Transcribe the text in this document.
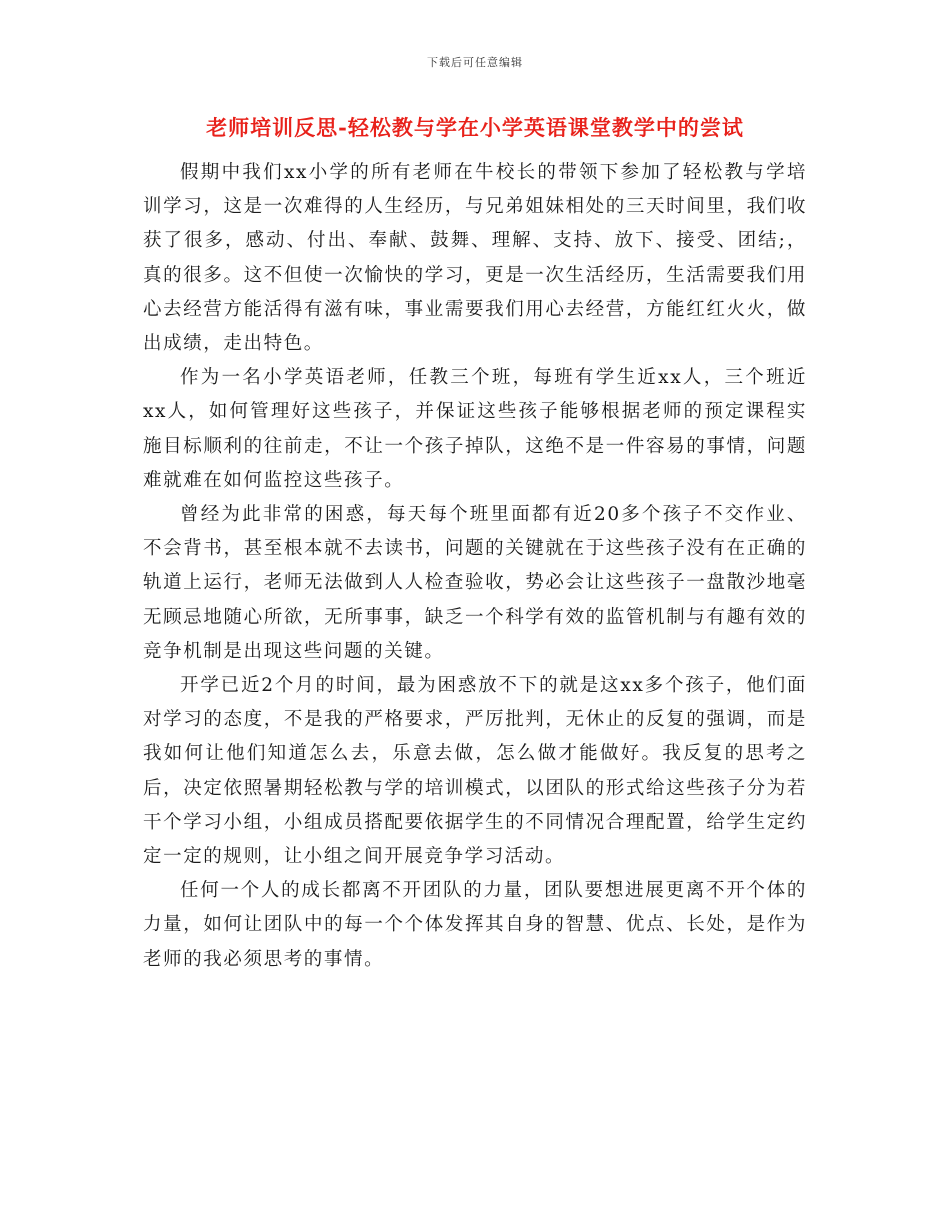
下载后可任意编辑
老师培训反思-轻松教与学在小学英语课堂教学中的尝试

假期中我们xx小学的所有老师在牛校长的带领下参加了轻松教与学培训学习，这是一次难得的人生经历，与兄弟姐妹相处的三天时间里，我们收获了很多，感动、付出、奉献、鼓舞、理解、支持、放下、接受、团结;，真的很多。这不但使一次愉快的学习，更是一次生活经历，生活需要我们用心去经营方能活得有滋有味，事业需要我们用心去经营，方能红红火火，做出成绩，走出特色。

作为一名小学英语老师，任教三个班，每班有学生近xx人，三个班近xx人，如何管理好这些孩子，并保证这些孩子能够根据老师的预定课程实施目标顺利的往前走，不让一个孩子掉队，这绝不是一件容易的事情，问题难就难在如何监控这些孩子。

曾经为此非常的困惑，每天每个班里面都有近20多个孩子不交作业、不会背书，甚至根本就不去读书，问题的关键就在于这些孩子没有在正确的轨道上运行，老师无法做到人人检查验收，势必会让这些孩子一盘散沙地毫无顾忌地随心所欲，无所事事，缺乏一个科学有效的监管机制与有趣有效的竞争机制是出现这些问题的关键。

开学已近2个月的时间，最为困惑放不下的就是这xx多个孩子，他们面对学习的态度，不是我的严格要求，严厉批判，无休止的反复的强调，而是我如何让他们知道怎么去，乐意去做，怎么做才能做好。我反复的思考之后，决定依照暑期轻松教与学的培训模式，以团队的形式给这些孩子分为若干个学习小组，小组成员搭配要依据学生的不同情况合理配置，给学生定约定一定的规则，让小组之间开展竞争学习活动。

任何一个人的成长都离不开团队的力量，团队要想进展更离不开个体的力量，如何让团队中的每一个个体发挥其自身的智慧、优点、长处，是作为老师的我必须思考的事情。
